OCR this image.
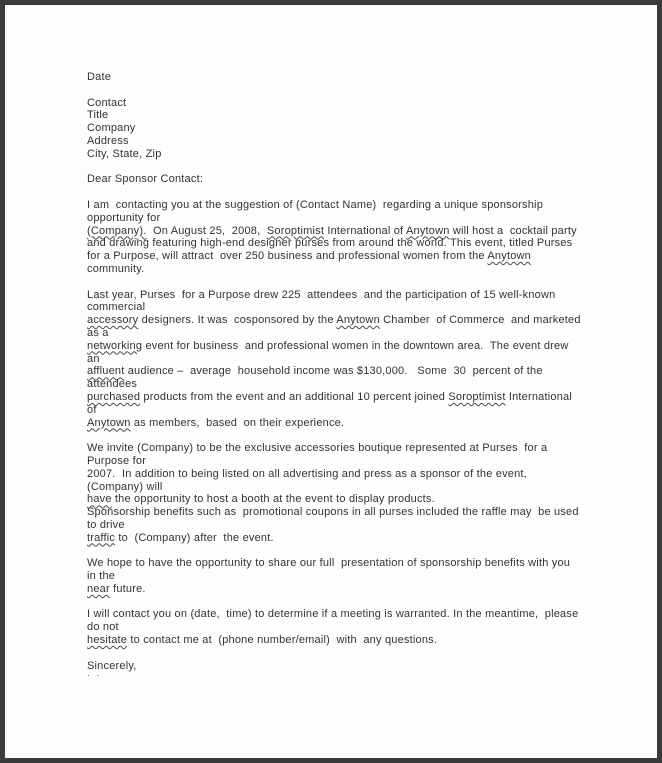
Date
Contact
Title
Company
Address
City, State, Zip
Dear Sponsor Contact:
I am  contacting you at the suggestion of (Contact Name)  regarding a unique sponsorship
opportunity for
(Company).  On August 25,  2008,  Soroptimist International of Anytown will host a  cocktail party
and drawing featuring high-end designer purses from around the world. This event, titled Purses
for a Purpose, will attract  over 250 business and professional women from the Anytown
community.
Last year, Purses  for a Purpose drew 225  attendees  and the participation of 15 well-known
commercial
accessory designers. It was  cosponsored by the Anytown Chamber  of Commerce  and marketed
as a
networking event for business  and professional women in the downtown area.  The event drew
an
affluent audience –  average  household income was $130,000.   Some  30  percent of the
attendees
purchased products from the event and an additional 10 percent joined Soroptimist International
of
Anytown as members,  based  on their experience.
We invite (Company) to be the exclusive accessories boutique represented at Purses  for a
Purpose for
2007.  In addition to being listed on all advertising and press as a sponsor of the event,
(Company) will
have the opportunity to host a booth at the event to display products.
Sponsorship benefits such as  promotional coupons in all purses included the raffle may  be used
to drive
traffic to  (Company) after  the event.
We hope to have the opportunity to share our full  presentation of sponsorship benefits with you
in the
near future.
I will contact you on (date,  time) to determine if a meeting is warranted. In the meantime,  please
do not
hesitate to contact me at  (phone number/email)  with  any questions.
Sincerely,
· ·
